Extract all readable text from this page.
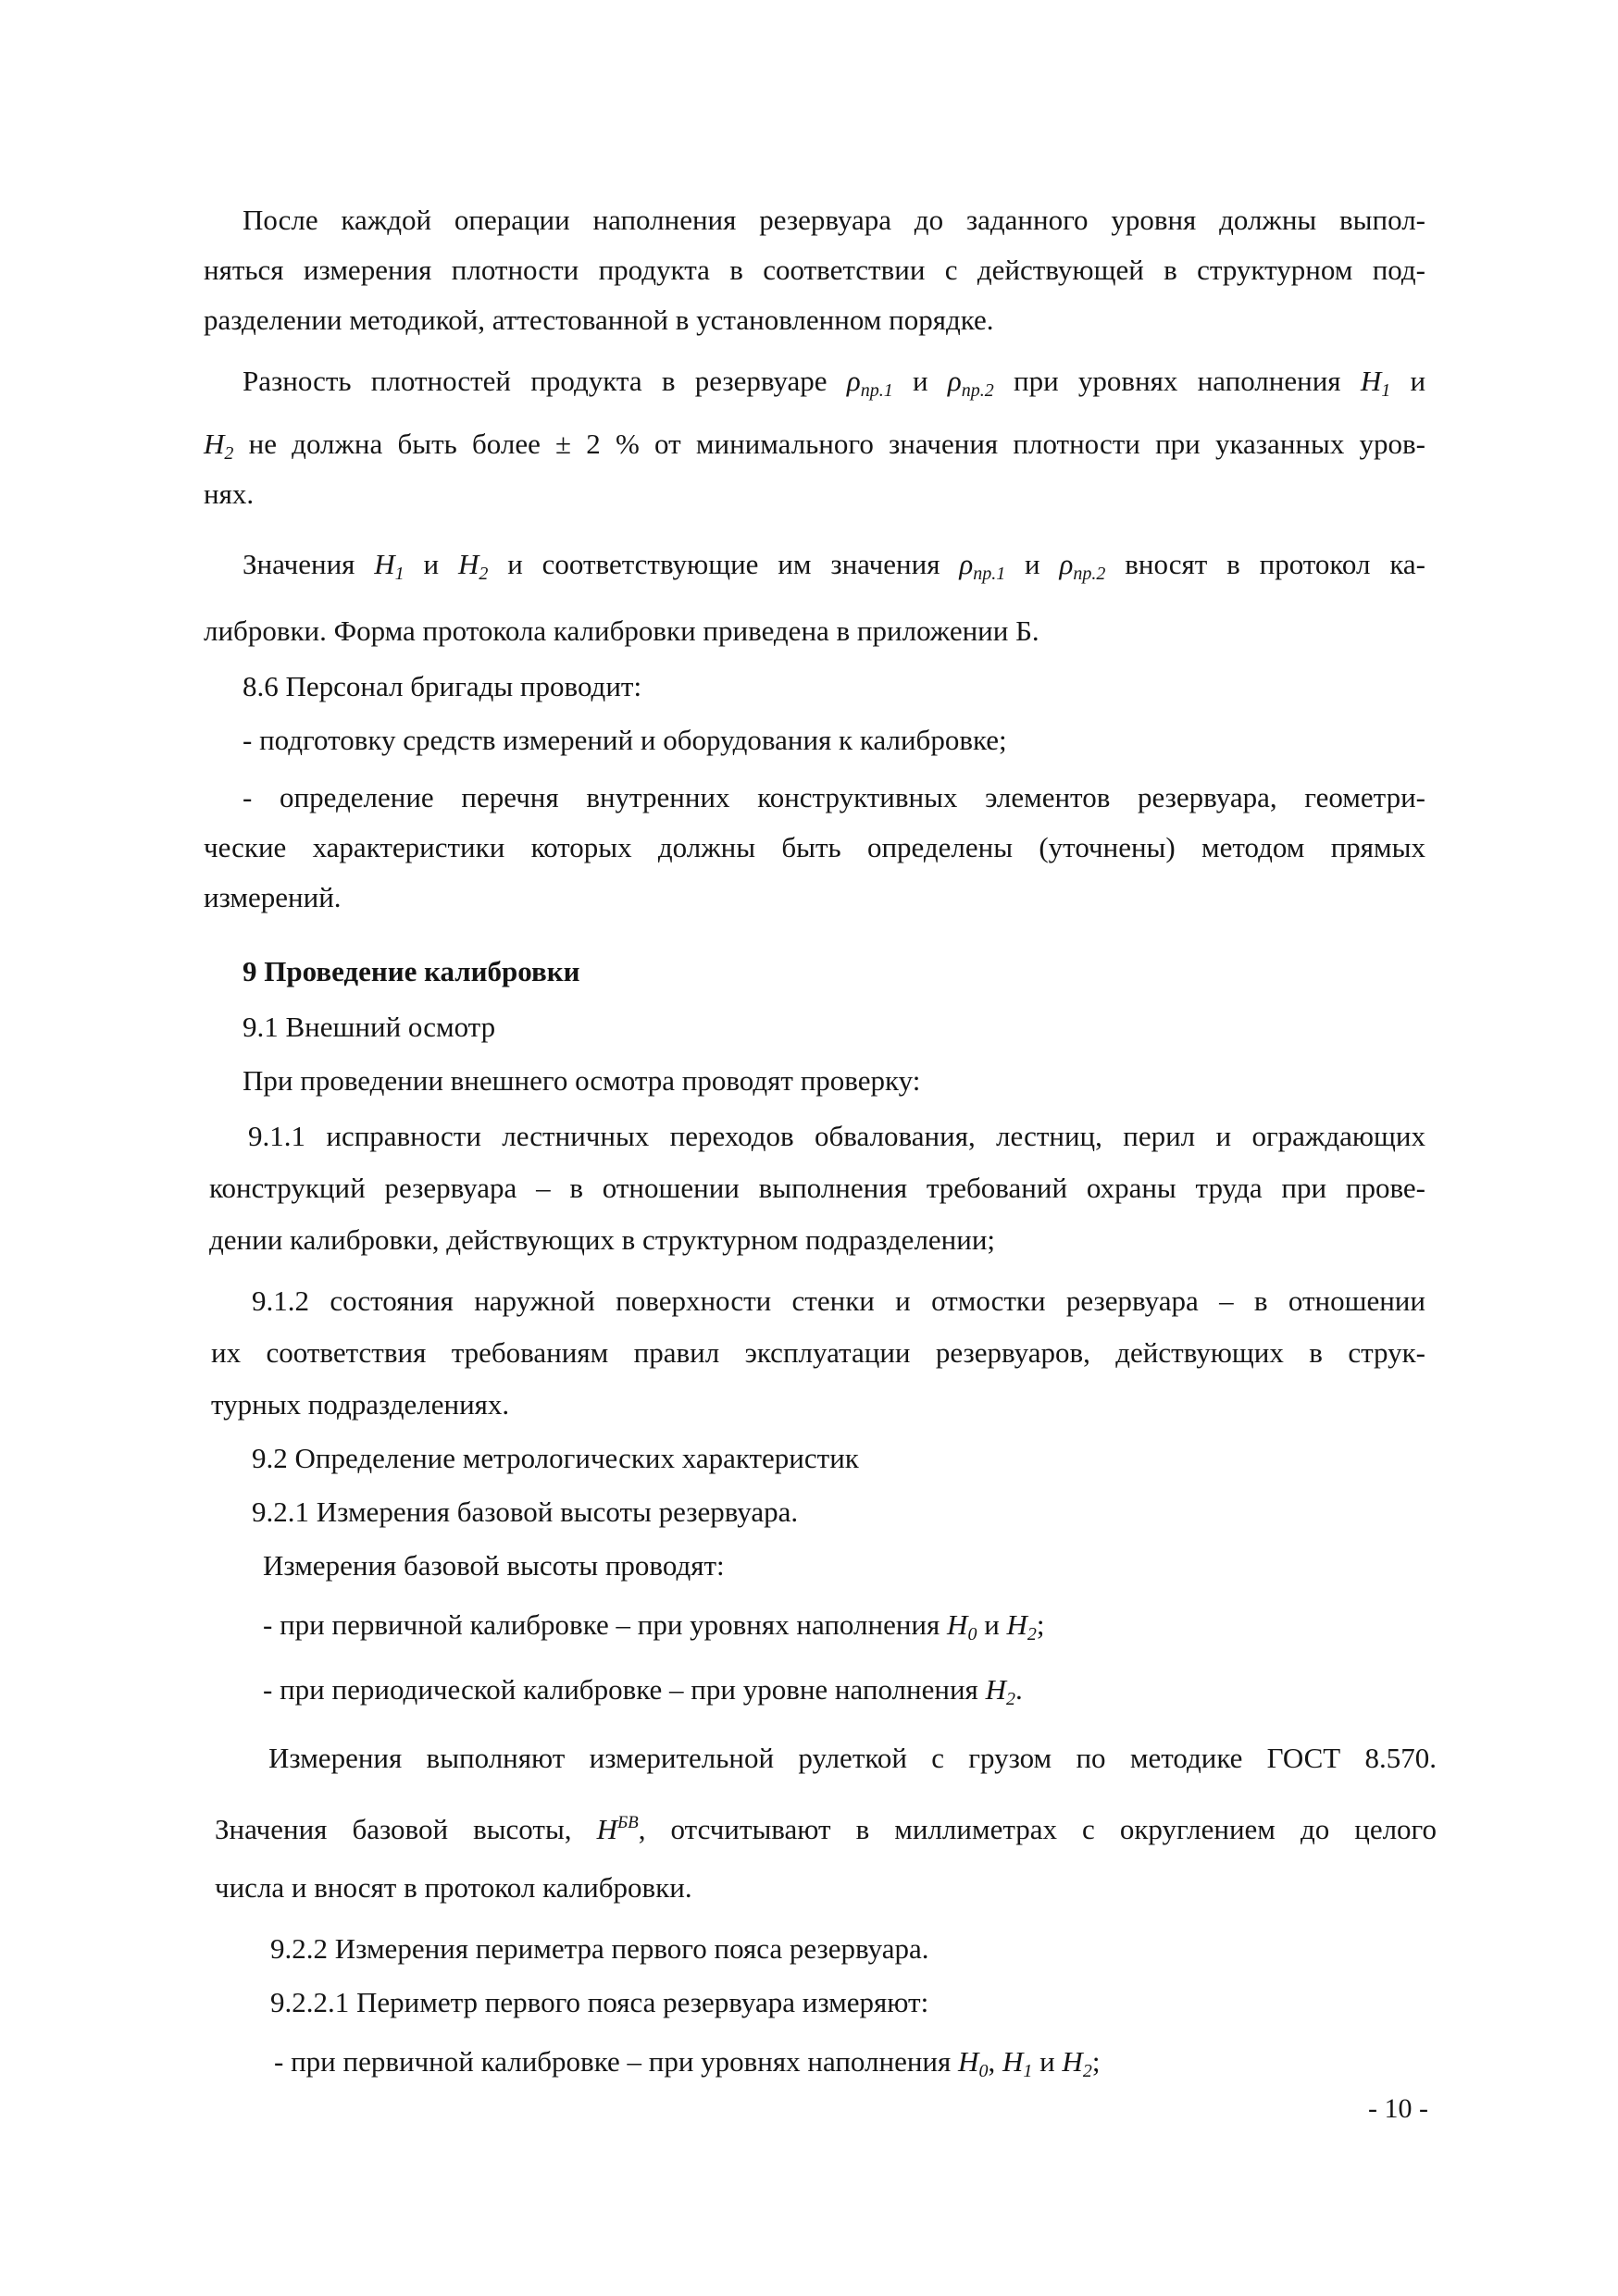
После каждой операции наполнения резервуара до заданного уровня должны выпол-
няться измерения плотности продукта в соответствии с действующей в структурном под-
разделении методикой, аттестованной в установленном порядке.
Разность плотностей продукта в резервуаре $\rho_{пр.1}$ и $\rho_{пр.2}$ при уровнях наполнения $H_1$ и
$H_2$ не должна быть более ± 2 % от минимального значения плотности при указанных уров-
нях.
Значения $H_1$ и $H_2$ и соответствующие им значения $\rho_{пр.1}$ и $\rho_{пр.2}$ вносят в протокол ка-
либровки. Форма протокола калибровки приведена в приложении Б.
8.6 Персонал бригады проводит:
- подготовку средств измерений и оборудования к калибровке;
- определение перечня внутренних конструктивных элементов резервуара, геометри-
ческие характеристики которых должны быть определены (уточнены) методом прямых
измерений.
9 Проведение калибровки
9.1 Внешний осмотр
При проведении внешнего осмотра проводят проверку:
9.1.1 исправности лестничных переходов обвалования, лестниц, перил и ограждающих
конструкций резервуара – в отношении выполнения требований охраны труда при прове-
дении калибровки, действующих в структурном подразделении;
9.1.2 состояния наружной поверхности стенки и отмостки резервуара – в отношении
их соответствия требованиям правил эксплуатации резервуаров, действующих в струк-
турных подразделениях.
9.2 Определение метрологических характеристик
9.2.1 Измерения базовой высоты резервуара.
Измерения базовой высоты проводят:
- при первичной калибровке – при уровнях наполнения $H_0$ и $H_2$;
- при периодической калибровке – при уровне наполнения $H_2$.
Измерения выполняют измерительной рулеткой с грузом по методике ГОСТ 8.570.
Значения базовой высоты, $H^{БВ}$, отсчитывают в миллиметрах с округлением до целого
числа и вносят в протокол калибровки.
9.2.2 Измерения периметра первого пояса резервуара.
9.2.2.1 Периметр первого пояса резервуара измеряют:
- при первичной калибровке – при уровнях наполнения $H_0$, $H_1$ и $H_2$;
- 10 -
